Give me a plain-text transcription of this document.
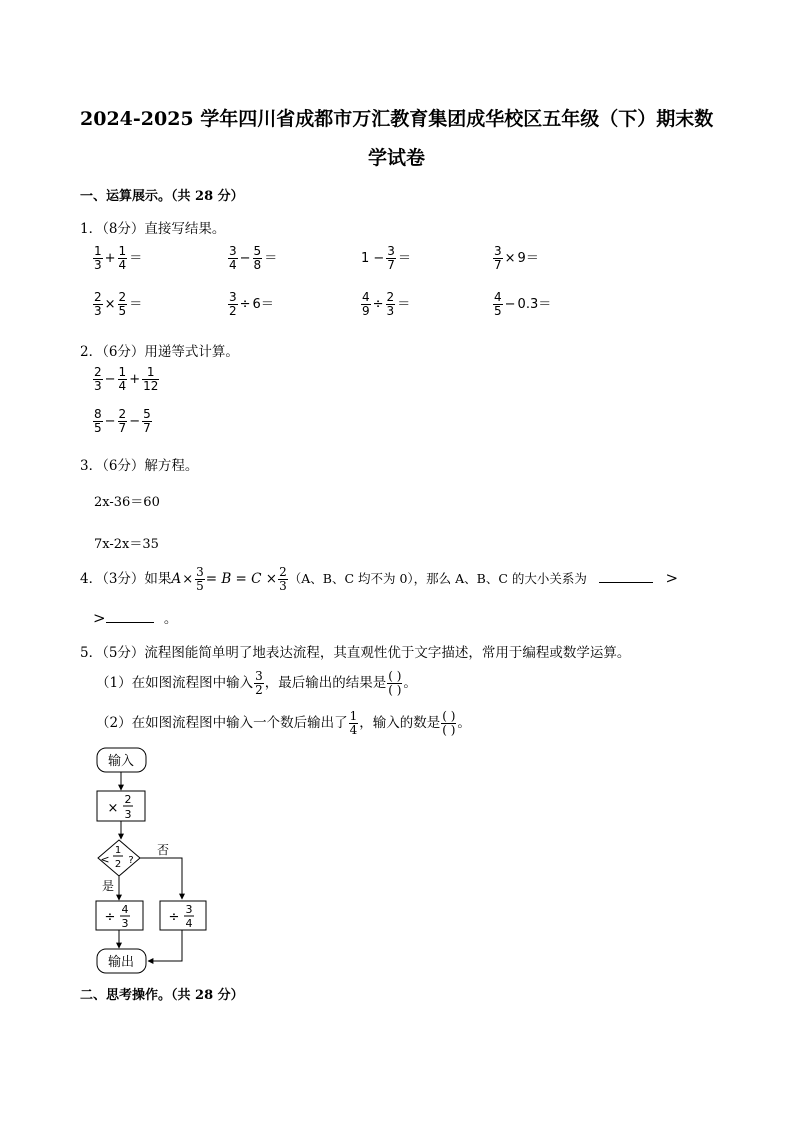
2024-2025 学年四川省成都市万汇教育集团成华校区五年级（下）期末数
学试卷
一、运算展示。（共 28 分）
1．（8分）直接写结果。
$\frac{1}{3} + \frac{1}{4}$ ＝	$\frac{3}{4} - \frac{5}{8}$ ＝	$1 - \frac{3}{7}$ ＝	$\frac{3}{7} \times 9=$
$\frac{2}{3} \times \frac{2}{5}$ ＝	$\frac{3}{2} \div 6=$	$\frac{4}{9} \div \frac{2}{3}$ ＝	$\frac{4}{5} - 0.3=$
2．（6分）用递等式计算。
$\frac{2}{3} - \frac{1}{4} + \frac{1}{12}$
$\frac{8}{5} - \frac{2}{7} - \frac{5}{7}$
3．（6分）解方程。
2x-36＝60
7x-2x＝35
4．（3分）如果$A\times \frac{3}{5} = B = C \times \frac{2}{3} (A$、B、C 均不为 0），那么 A、B、C 的大小关系为	>
>	。
5．（5分）流程图能简单明了地表达流程，其直观性优于文字描述，常用于编程或数学运算。
（1）在如图流程图中输入 $\frac{3}{2}$ ，最后输出的结果是 $\frac{( )}{( )}$ 。
（2）在如图流程图中输入一个数后输出了 $\frac{1}{4}$ ，输入的数是 $\frac{( )}{( )}$ 。
输入
×
2
3
<
1
2 ?
否
是
÷
4
3	÷
3
4
输出
二、思考操作。（共 28 分）
